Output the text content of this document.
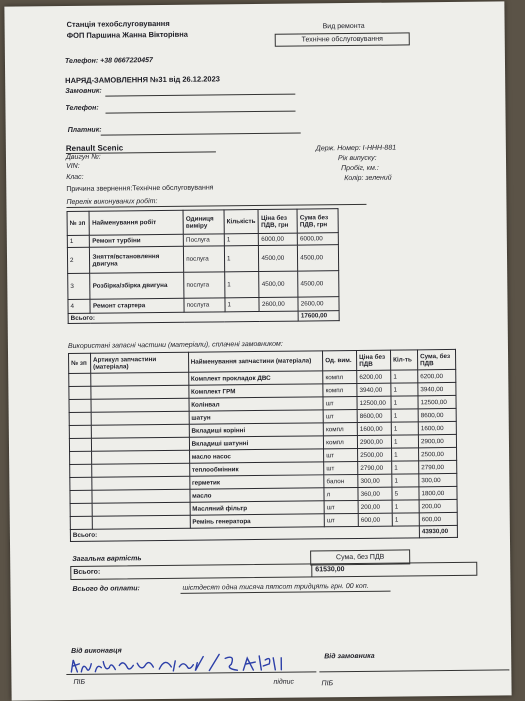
Станція техобслуговування
ФОП Паршина Жанна Вікторівна
Вид ремонта
Технічне обслуговування
Телефон: +38 0667220457
НАРЯД-ЗАМОВЛЕННЯ №31 від 26.12.2023
Замовник:
Телефон:
Платник:
Renault Scenic
Двигун №:
VIN:
Клас:
Причина звернення:Технічне обслуговування
Держ. Номер: І-ННН-881
Рік випуску:
Пробіг, км.:
Колір: зелений
Перелік виконуваних робіт:
№ зп	Найменування робіт	Одиниця виміру	Кількість	Ціна без ПДВ, грн	Сума без ПДВ, грн
1	Ремонт турбіни	Послуга	1	6000,00	6000,00
2	Зняття/встановлення двигуна	послуга	1	4500,00	4500,00
3	Розбірка/збірка двигуна	послуга	1	4500,00	4500,00
4	Ремонт стартера	послуга	1	2600,00	2600,00
Всього:					17600,00
Використані запасні частини (матеріали), сплачені замовником:
№ зп	Артикул запчастини (матеріала)	Найменування запчастини (матеріала)	Од. вим.	Ціна без ПДВ	Кіл-ть	Сума, без ПДВ
		Комплект прокладок ДВС	компл	6200,00	1	6200,00
		Комплект ГРМ	компл	3940,00	1	3940,00
		Колінвал	шт	12500,00	1	12500,00
		шатун	шт	8600,00	1	8600,00
		Вкладиші корінні	компл	1600,00	1	1600,00
		Вкладиші шатунні	компл	2900,00	1	2900,00
		масло насос	шт	2500,00	1	2500,00
		теплообмінник	шт	2790,00	1	2790,00
		герметик	балон	300,00	1	300,00
		масло	л	360,00	5	1800,00
		Масляний фільтр	шт	200,00	1	200,00
		Ремінь генератора	шт	600,00	1	600,00
Всього:						43930,00
Загальна вартість	Сума, без ПДВ
Всього:	61530,00
Всього до оплати:	шістдесят одна тисяча пятсот тридцять грн. 00 коп.
Від виконавця
Від замовника
ПІБ	підпис	ПІБ
